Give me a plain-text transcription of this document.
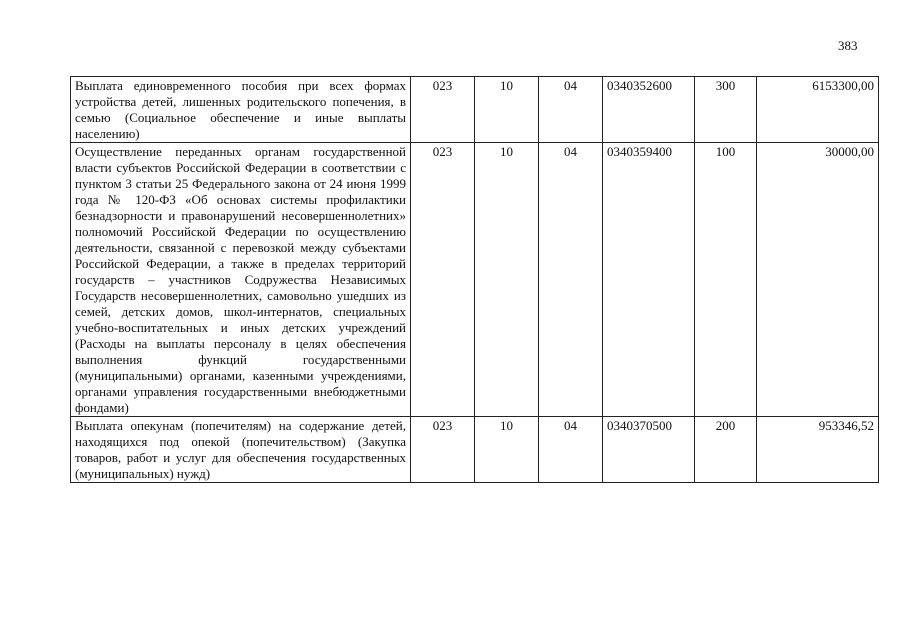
383
Выплата единовременного пособия при всех формах устройства детей, лишенных родительского попечения, в семью (Социальное обеспечение и иные выплаты населению)	023	10	04	0340352600	300	6153300,00
Осуществление переданных органам государственной власти субъектов Российской Федерации в соответствии с пунктом 3 статьи 25 Федерального закона от 24 июня 1999 года № 120-ФЗ «Об основах системы профилактики безнадзорности и правонарушений несовершеннолетних» полномочий Российской Федерации по осуществлению деятельности, связанной с перевозкой между субъектами Российской Федерации, а также в пределах территорий государств – участников Содружества Независимых Государств несовершеннолетних, самовольно ушедших из семей, детских домов, школ-интернатов, специальных учебно-воспитательных и иных детских учреждений (Расходы на выплаты персоналу в целях обеспечения выполнения функций государственными (муниципальными) органами, казенными учреждениями, органами управления государственными внебюджетными фондами)	023	10	04	0340359400	100	30000,00
Выплата опекунам (попечителям) на содержание детей, находящихся под опекой (попечительством) (Закупка товаров, работ и услуг для обеспечения государственных (муниципальных) нужд)	023	10	04	0340370500	200	953346,52
